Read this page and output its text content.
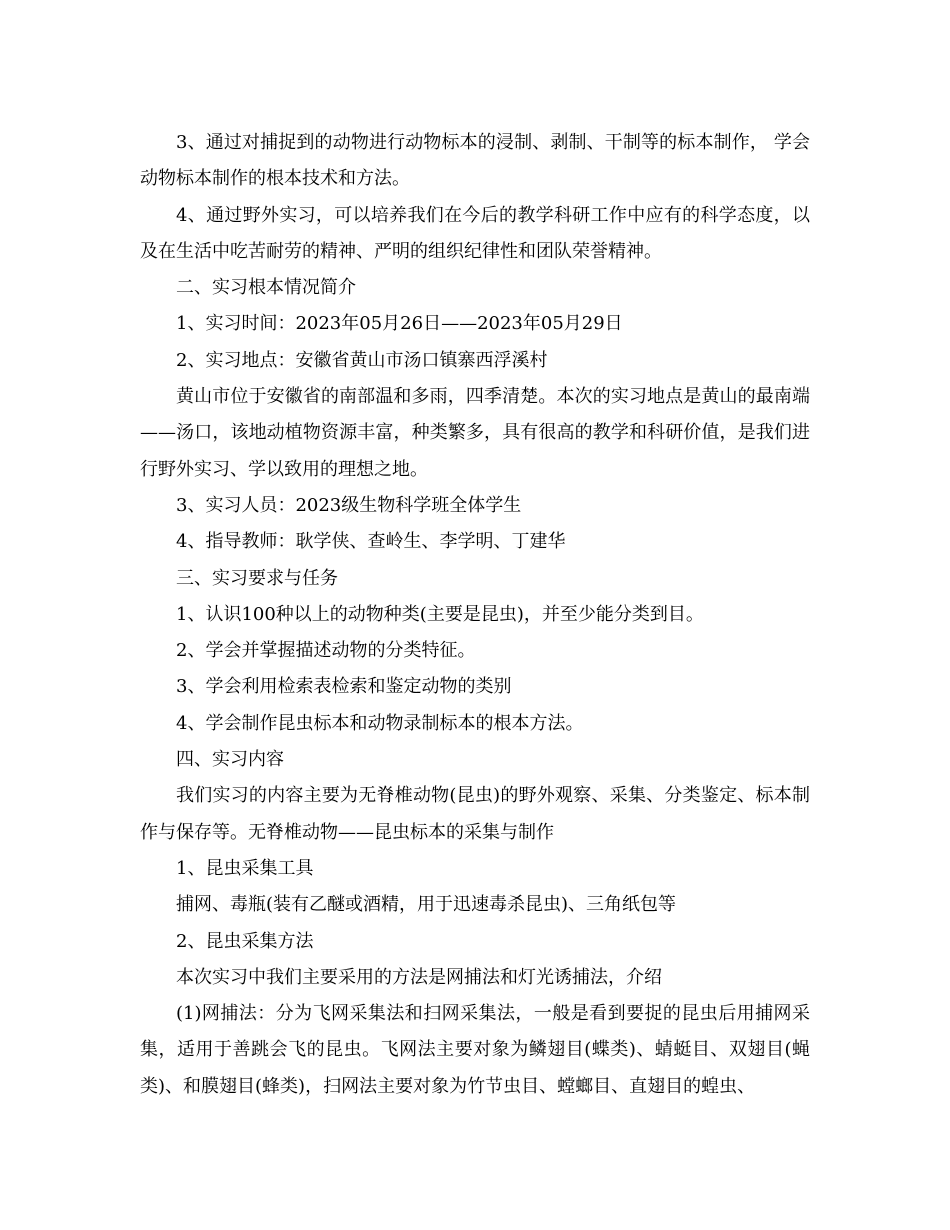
3、通过对捕捉到的动物进行动物标本的浸制、剥制、干制等的标本制作， 学会动物标本制作的根本技术和方法。

4、通过野外实习，可以培养我们在今后的教学科研工作中应有的科学态度，以及在生活中吃苦耐劳的精神、严明的组织纪律性和团队荣誉精神。

二、实习根本情况简介

1、实习时间：2023年05月26日——2023年05月29日

2、实习地点：安徽省黄山市汤口镇寨西浮溪村

黄山市位于安徽省的南部温和多雨，四季清楚。本次的实习地点是黄山的最南端——汤口，该地动植物资源丰富，种类繁多，具有很高的教学和科研价值，是我们进行野外实习、学以致用的理想之地。

3、实习人员：2023级生物科学班全体学生

4、指导教师：耿学侠、查岭生、李学明、丁建华

三、实习要求与任务

1、认识100种以上的动物种类(主要是昆虫)，并至少能分类到目。

2、学会并掌握描述动物的分类特征。

3、学会利用检索表检索和鉴定动物的类别

4、学会制作昆虫标本和动物录制标本的根本方法。

四、实习内容

我们实习的内容主要为无脊椎动物(昆虫)的野外观察、采集、分类鉴定、标本制作与保存等。无脊椎动物——昆虫标本的采集与制作

1、昆虫采集工具

捕网、毒瓶(装有乙醚或酒精，用于迅速毒杀昆虫)、三角纸包等

2、昆虫采集方法

本次实习中我们主要采用的方法是网捕法和灯光诱捕法，介绍

(1)网捕法：分为飞网采集法和扫网采集法，一般是看到要捉的昆虫后用捕网采集，适用于善跳会飞的昆虫。飞网法主要对象为鳞翅目(蝶类)、蜻蜓目、双翅目(蝇类)、和膜翅目(蜂类)，扫网法主要对象为竹节虫目、螳螂目、直翅目的蝗虫、
